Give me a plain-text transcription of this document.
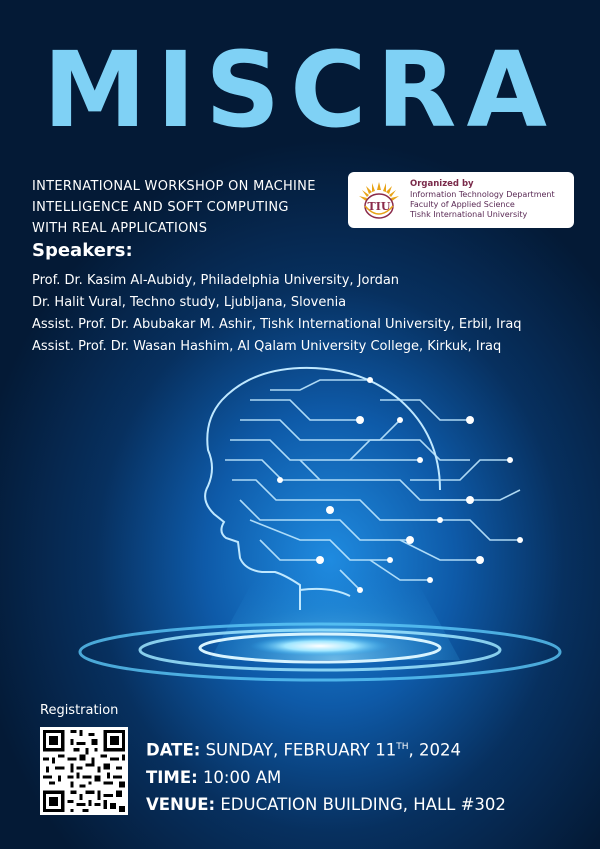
MISCRA
INTERNATIONAL WORKSHOP ON MACHINE
INTELLIGENCE AND SOFT COMPUTING
WITH REAL APPLICATIONS
TIU
Organized by
Information Technology Department
Faculty of Applied Science
Tishk International University
Speakers:
Prof. Dr. Kasim Al-Aubidy, Philadelphia University, Jordan
Dr. Halit Vural, Techno study, Ljubljana, Slovenia
Assist. Prof. Dr. Abubakar M. Ashir, Tishk International University, Erbil, Iraq
Assist. Prof. Dr. Wasan Hashim, Al Qalam University College, Kirkuk, Iraq
Registration
DATE: SUNDAY, FEBRUARY 11TH, 2024
TIME: 10:00 AM
VENUE: EDUCATION BUILDING, HALL #302
